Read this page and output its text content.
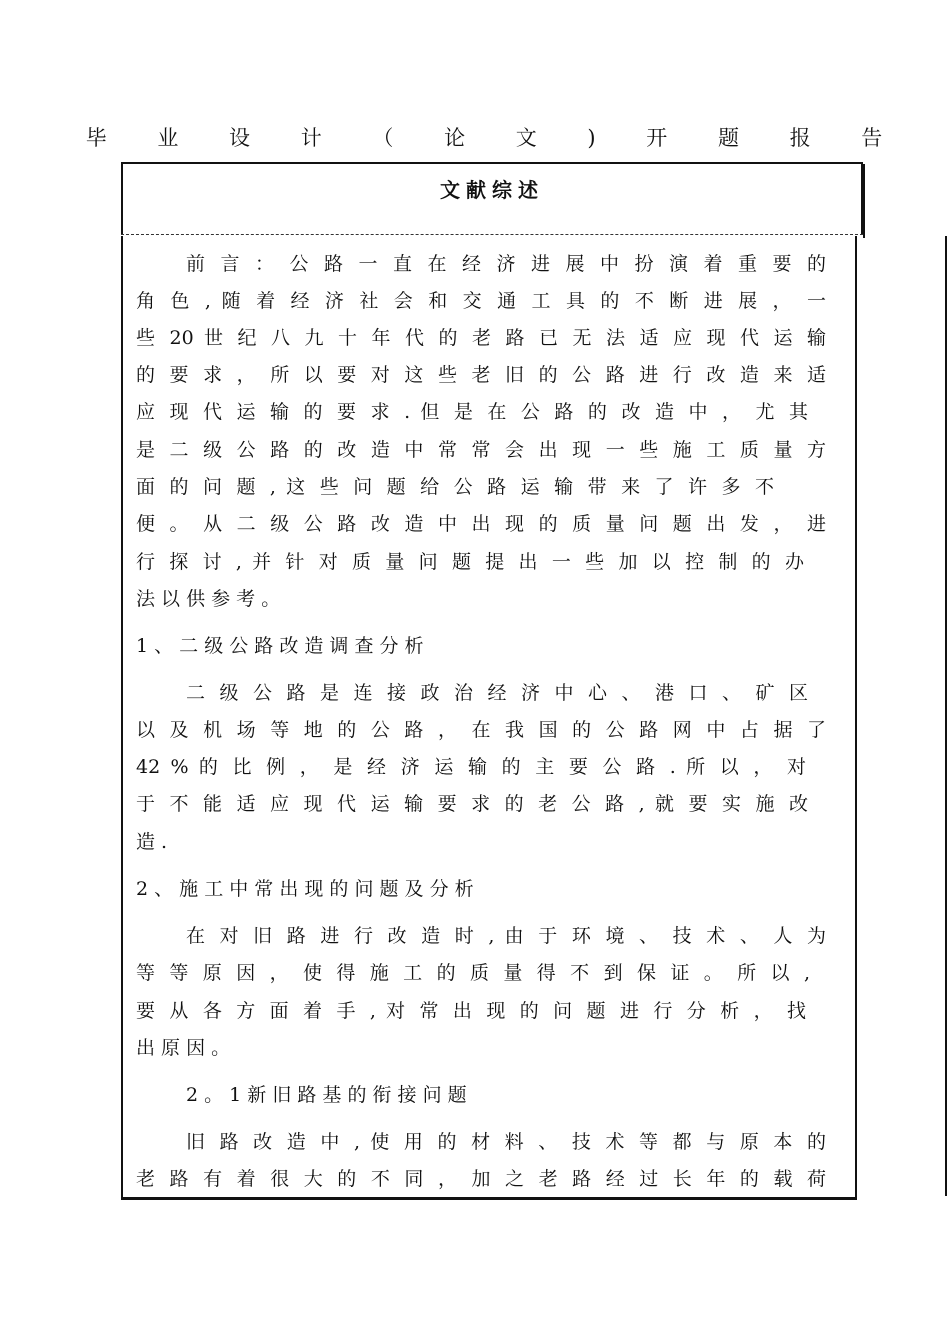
毕 业 设 计 （ 论 文 ) 开 题 报 告
文献综述
前 言 ： 公 路 一 直 在 经 济 进 展 中 扮 演 着 重 要 的
角 色 , 随 着 经 济 社 会 和 交 通 工 具 的 不 断 进 展 ， 一
些 20 世 纪 八 九 十 年 代 的 老 路 已 无 法 适 应 现 代 运 输
的 要 求 ， 所 以 要 对 这 些 老 旧 的 公 路 进 行 改 造 来 适
应 现 代 运 输 的 要 求 . 但 是 在 公 路 的 改 造 中 ， 尤 其
是 二 级 公 路 的 改 造 中 常 常 会 出 现 一 些 施 工 质 量 方
面 的 问 题 , 这 些 问 题 给 公 路 运 输 带 来 了 许 多 不
便 。 从 二 级 公 路 改 造 中 出 现 的 质 量 问 题 出 发 ， 进
行 探 讨 , 并 针 对 质 量 问 题 提 出 一 些 加 以 控 制 的 办
法 以 供 参 考 。
1 、 二 级 公 路 改 造 调 查 分 析
二 级 公 路 是 连 接 政 治 经 济 中 心 、 港 口 、 矿 区
以 及 机 场 等 地 的 公 路 ， 在 我 国 的 公 路 网 中 占 据 了
42 % 的 比 例 ， 是 经 济 运 输 的 主 要 公 路 . 所 以 ， 对
于 不 能 适 应 现 代 运 输 要 求 的 老 公 路 , 就 要 实 施 改
造 .
2 、 施 工 中 常 出 现 的 问 题 及 分 析
在 对 旧 路 进 行 改 造 时 , 由 于 环 境 、 技 术 、 人 为
等 等 原 因 ， 使 得 施 工 的 质 量 得 不 到 保 证 。 所 以 ,
要 从 各 方 面 着 手 , 对 常 出 现 的 问 题 进 行 分 析 ， 找
出 原 因 。
2 。 1 新 旧 路 基 的 衔 接 问 题
旧 路 改 造 中 , 使 用 的 材 料 、 技 术 等 都 与 原 本 的
老 路 有 着 很 大 的 不 同 ， 加 之 老 路 经 过 长 年 的 载 荷
